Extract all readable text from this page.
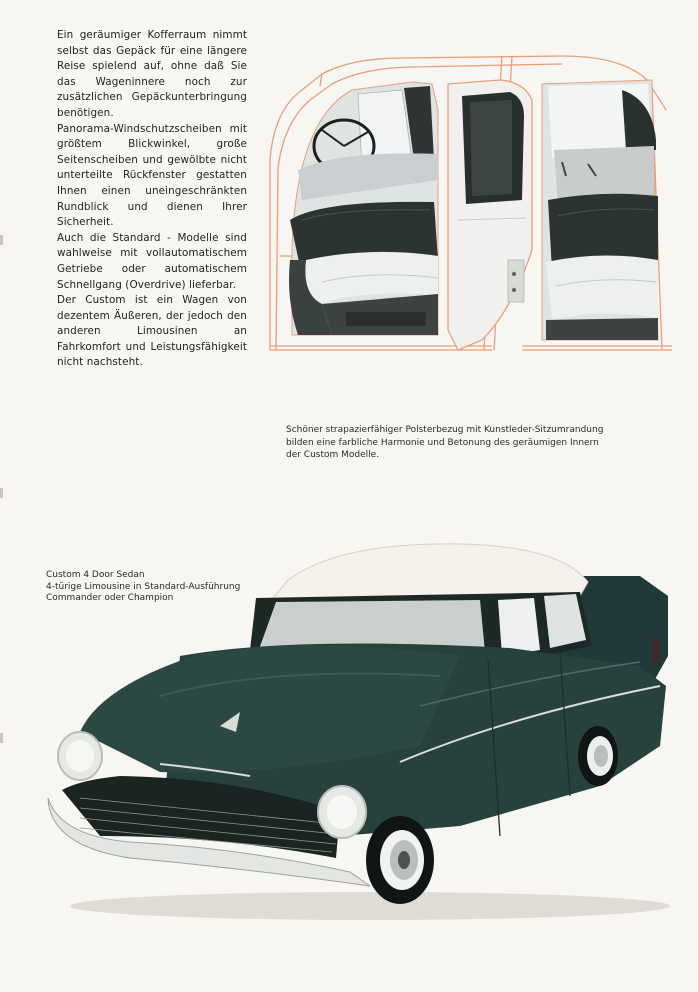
Ein geräumiger Kofferraum nimmt selbst das Gepäck für eine längere Reise spielend auf, ohne daß Sie das Wageninnere noch zur zusätzlichen Gepäckunterbringung benötigen.

Panorama-Windschutzscheiben mit größtem Blickwinkel, große Seitenscheiben und gewölbte nicht unterteilte Rückfenster gestatten Ihnen einen uneingeschränkten Rundblick und dienen Ihrer Sicherheit.

Auch die Standard - Modelle sind wahlweise mit vollautomatischem Getriebe oder automatischem Schnellgang (Overdrive) lieferbar.

Der Custom ist ein Wagen von dezentem Äußeren, der jedoch den anderen Limousinen an Fahrkomfort und Leistungsfähigkeit nicht nachsteht.

Schöner strapazierfähiger Polsterbezug mit Kunstleder-Sitzumrandung
bilden eine farbliche Harmonie und Betonung des geräumigen Innern
der Custom Modelle.
Custom 4 Door Sedan
4-türige Limousine in Standard-Ausführung
Commander oder Champion
